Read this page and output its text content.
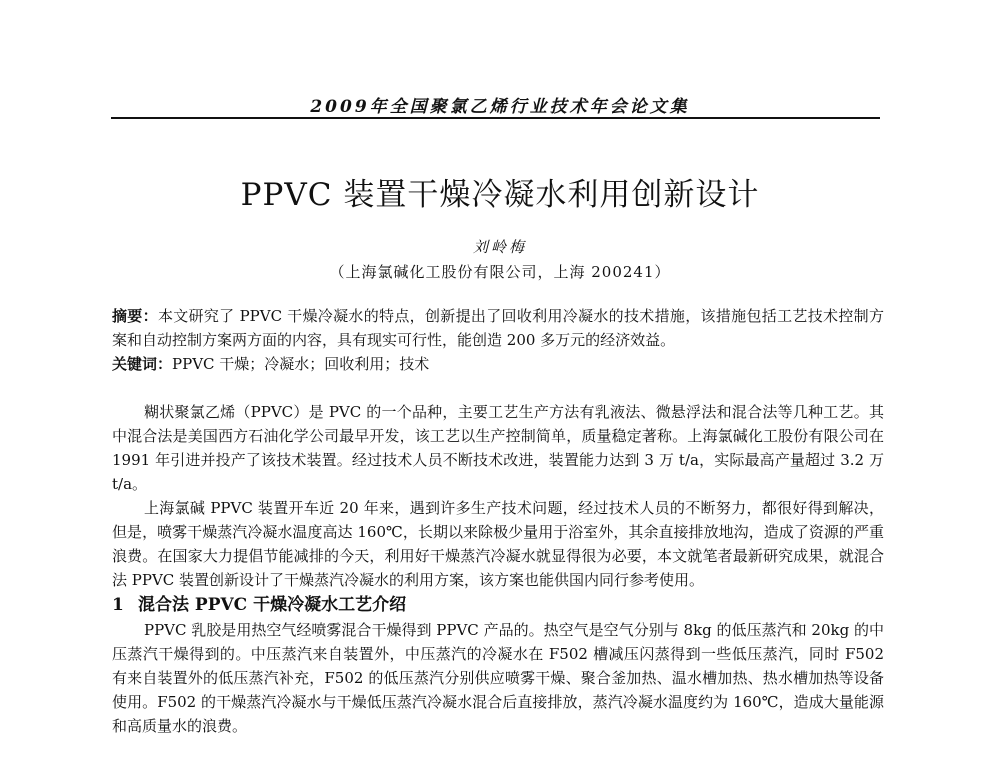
2009年全国聚氯乙烯行业技术年会论文集
PPVC 装置干燥冷凝水利用创新设计
刘岭梅
（上海氯碱化工股份有限公司，上海 200241）
摘要：本文研究了 PPVC 干燥冷凝水的特点，创新提出了回收利用冷凝水的技术措施，该措施包括工艺技术控制方案和自动控制方案两方面的内容，具有现实可行性，能创造 200 多万元的经济效益。
关键词：PPVC 干燥；冷凝水；回收利用；技术

糊状聚氯乙烯（PPVC）是 PVC 的一个品种，主要工艺生产方法有乳液法、微悬浮法和混合法等几种工艺。其中混合法是美国西方石油化学公司最早开发，该工艺以生产控制简单，质量稳定著称。上海氯碱化工股份有限公司在 1991 年引进并投产了该技术装置。经过技术人员不断技术改进，装置能力达到 3 万 t/a，实际最高产量超过 3.2 万 t/a。

上海氯碱 PPVC 装置开车近 20 年来，遇到许多生产技术问题，经过技术人员的不断努力，都很好得到解决，但是，喷雾干燥蒸汽冷凝水温度高达 160℃，长期以来除极少量用于浴室外，其余直接排放地沟，造成了资源的严重浪费。在国家大力提倡节能减排的今天，利用好干燥蒸汽冷凝水就显得很为必要，本文就笔者最新研究成果，就混合法 PPVC 装置创新设计了干燥蒸汽冷凝水的利用方案，该方案也能供国内同行参考使用。

1 混合法 PPVC 干燥冷凝水工艺介绍

PPVC 乳胶是用热空气经喷雾混合干燥得到 PPVC 产品的。热空气是空气分别与 8kg 的低压蒸汽和 20kg 的中压蒸汽干燥得到的。中压蒸汽来自装置外，中压蒸汽的冷凝水在 F502 槽减压闪蒸得到一些低压蒸汽，同时 F502 有来自装置外的低压蒸汽补充，F502 的低压蒸汽分别供应喷雾干燥、聚合釜加热、温水槽加热、热水槽加热等设备使用。F502 的干燥蒸汽冷凝水与干燥低压蒸汽冷凝水混合后直接排放，蒸汽冷凝水温度约为 160℃，造成大量能源和高质量水的浪费。
